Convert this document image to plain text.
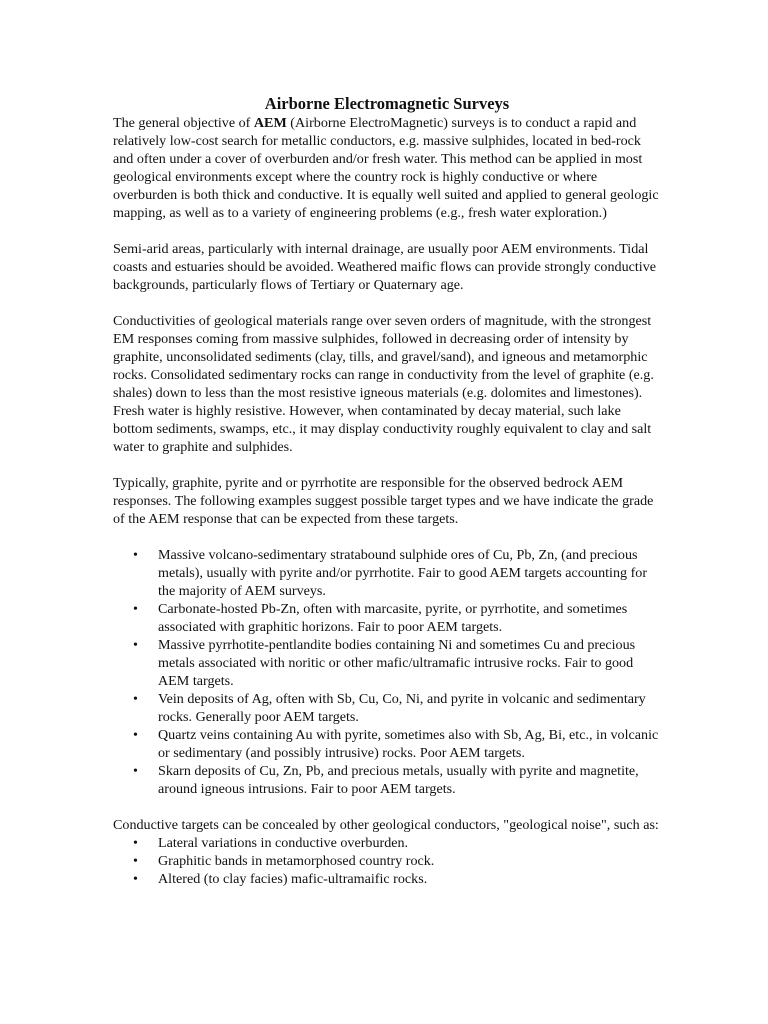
Airborne Electromagnetic Surveys

The general objective of AEM (Airborne ElectroMagnetic) surveys is to conduct a rapid and relatively low-cost search for metallic conductors, e.g. massive sulphides, located in bed-rock and often under a cover of overburden and/or fresh water. This method can be applied in most geological environments except where the country rock is highly conductive or where overburden is both thick and conductive. It is equally well suited and applied to general geologic mapping, as well as to a variety of engineering problems (e.g., fresh water exploration.)

Semi-arid areas, particularly with internal drainage, are usually poor AEM environments. Tidal coasts and estuaries should be avoided. Weathered maific flows can provide strongly conductive backgrounds, particularly flows of Tertiary or Quaternary age.

Conductivities of geological materials range over seven orders of magnitude, with the strongest EM responses coming from massive sulphides, followed in decreasing order of intensity by graphite, unconsolidated sediments (clay, tills, and gravel/sand), and igneous and metamorphic rocks. Consolidated sedimentary rocks can range in conductivity from the level of graphite (e.g. shales) down to less than the most resistive igneous materials (e.g. dolomites and limestones). Fresh water is highly resistive. However, when contaminated by decay material, such lake bottom sediments, swamps, etc., it may display conductivity roughly equivalent to clay and salt water to graphite and sulphides.

Typically, graphite, pyrite and or pyrrhotite are responsible for the observed bedrock AEM responses. The following examples suggest possible target types and we have indicate the grade of the AEM response that can be expected from these targets.

• Massive volcano-sedimentary stratabound sulphide ores of Cu, Pb, Zn, (and precious metals), usually with pyrite and/or pyrrhotite. Fair to good AEM targets accounting for the majority of AEM surveys.
• Carbonate-hosted Pb-Zn, often with marcasite, pyrite, or pyrrhotite, and sometimes associated with graphitic horizons. Fair to poor AEM targets.
• Massive pyrrhotite-pentlandite bodies containing Ni and sometimes Cu and precious metals associated with noritic or other mafic/ultramafic intrusive rocks. Fair to good AEM targets.
• Vein deposits of Ag, often with Sb, Cu, Co, Ni, and pyrite in volcanic and sedimentary rocks. Generally poor AEM targets.
• Quartz veins containing Au with pyrite, sometimes also with Sb, Ag, Bi, etc., in volcanic or sedimentary (and possibly intrusive) rocks. Poor AEM targets.
• Skarn deposits of Cu, Zn, Pb, and precious metals, usually with pyrite and magnetite, around igneous intrusions. Fair to poor AEM targets.

Conductive targets can be concealed by other geological conductors, "geological noise", such as:

• Lateral variations in conductive overburden.
• Graphitic bands in metamorphosed country rock.
• Altered (to clay facies) mafic-ultramaific rocks.
